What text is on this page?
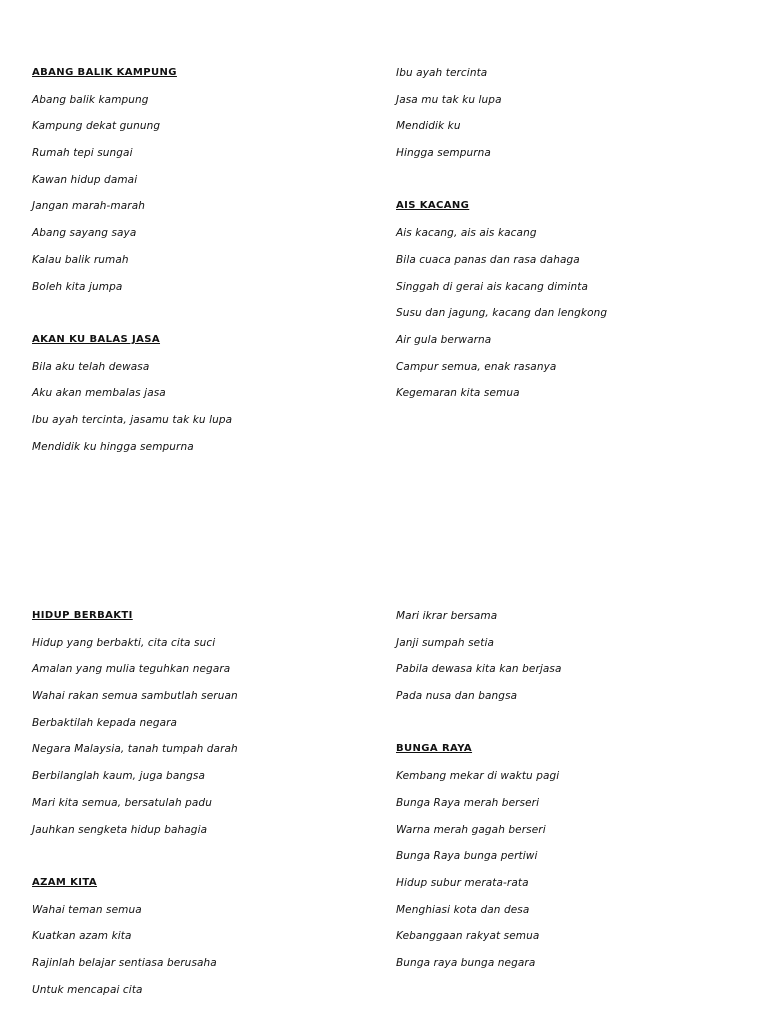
ABANG BALIK KAMPUNG
Abang balik kampung
Kampung dekat gunung
Rumah tepi sungai
Kawan hidup damai
Jangan marah-marah
Abang sayang saya
Kalau balik rumah
Boleh kita jumpa
AKAN KU BALAS JASA
Bila aku telah dewasa
Aku akan membalas jasa
Ibu ayah tercinta, jasamu tak ku lupa
Mendidik ku hingga sempurna
Ibu ayah tercinta
Jasa mu tak ku lupa
Mendidik ku
Hingga sempurna
AIS KACANG
Ais kacang, ais ais kacang
Bila cuaca panas dan rasa dahaga
Singgah di gerai ais kacang diminta
Susu dan jagung, kacang dan lengkong
Air gula berwarna
Campur semua, enak rasanya
Kegemaran kita semua
HIDUP BERBAKTI
Hidup yang berbakti, cita cita suci
Amalan yang mulia teguhkan negara
Wahai rakan semua sambutlah seruan
Berbaktilah kepada negara
Negara Malaysia, tanah tumpah darah
Berbilanglah kaum, juga bangsa
Mari kita semua, bersatulah padu
Jauhkan sengketa hidup bahagia
AZAM KITA
Wahai teman semua
Kuatkan azam kita
Rajinlah belajar sentiasa berusaha
Untuk mencapai cita
Mari ikrar bersama
Janji sumpah setia
Pabila dewasa kita kan berjasa
Pada nusa dan bangsa
BUNGA RAYA
Kembang mekar di waktu pagi
Bunga Raya merah berseri
Warna merah gagah berseri
Bunga Raya bunga pertiwi
Hidup subur merata-rata
Menghiasi kota dan desa
Kebanggaan rakyat semua
Bunga raya bunga negara
